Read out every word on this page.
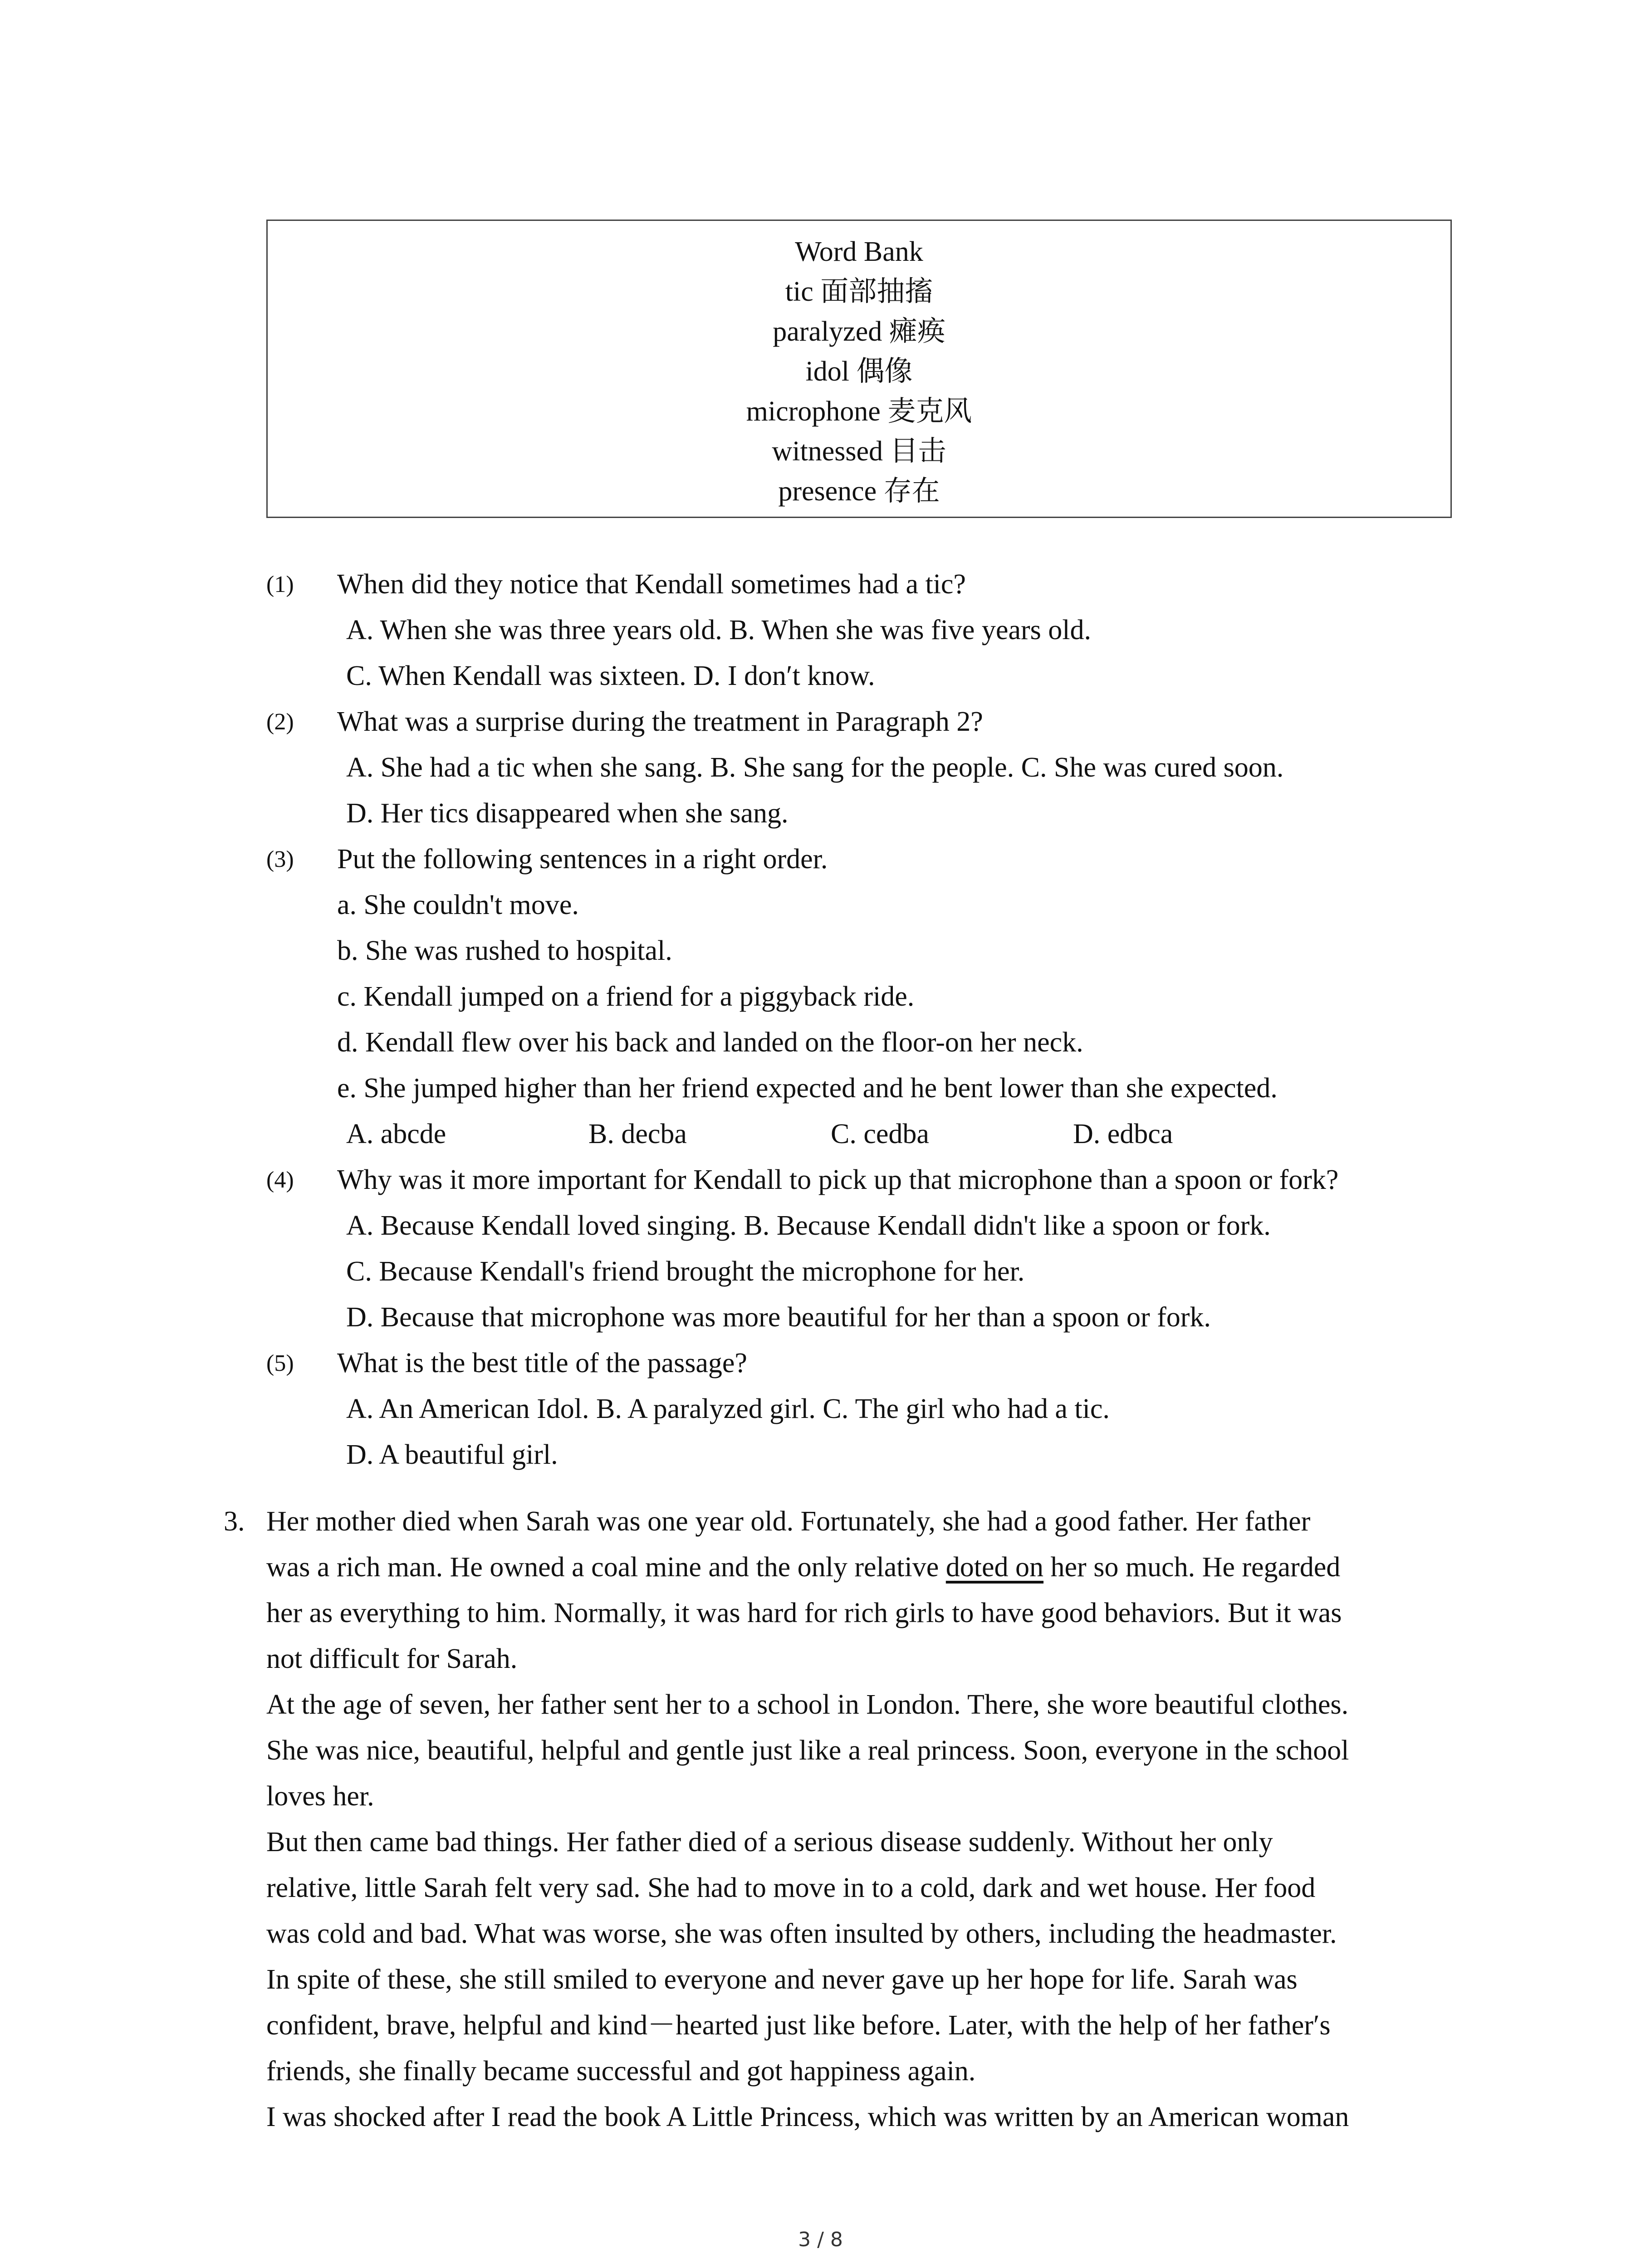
Word Bank
tic 面部抽搐
paralyzed 瘫痪
idol 偶像
microphone 麦克风
witnessed 目击
presence 存在
(1) When did they notice that Kendall sometimes had a tic?
A. When she was three years old. B. When she was five years old.
C. When Kendall was sixteen. D. I don′t know.
(2) What was a surprise during the treatment in Paragraph 2?
A. She had a tic when she sang. B. She sang for the people. C. She was cured soon.
D. Her tics disappeared when she sang.
(3) Put the following sentences in a right order.
a. She couldn't move.
b. She was rushed to hospital.
c. Kendall jumped on a friend for a piggyback ride.
d. Kendall flew over his back and landed on the floor-on her neck.
e. She jumped higher than her friend expected and he bent lower than she expected.
A. abcde	B. decba	C. cedba	D. edbca
(4) Why was it more important for Kendall to pick up that microphone than a spoon or fork?
A. Because Kendall loved singing. B. Because Kendall didn't like a spoon or fork.
C. Because Kendall's friend brought the microphone for her.
D. Because that microphone was more beautiful for her than a spoon or fork.
(5) What is the best title of the passage?
A. An American Idol. B. A paralyzed girl. C. The girl who had a tic.
D. A beautiful girl.
3. Her mother died when Sarah was one year old. Fortunately, she had a good father. Her father
was a rich man. He owned a coal mine and the only relative doted on her so much. He regarded
her as everything to him. Normally, it was hard for rich girls to have good behaviors. But it was
not difficult for Sarah.
At the age of seven, her father sent her to a school in London. There, she wore beautiful clothes.
She was nice, beautiful, helpful and gentle just like a real princess. Soon, everyone in the school
loves her.
But then came bad things. Her father died of a serious disease suddenly. Without her only
relative, little Sarah felt very sad. She had to move in to a cold, dark and wet house. Her food
was cold and bad. What was worse, she was often insulted by others, including the headmaster.
In spite of these, she still smiled to everyone and never gave up her hope for life. Sarah was
confident, brave, helpful and kind－hearted just like before. Later, with the help of her father′s
friends, she finally became successful and got happiness again.
I was shocked after I read the book A Little Princess, which was written by an American woman
3 / 8
